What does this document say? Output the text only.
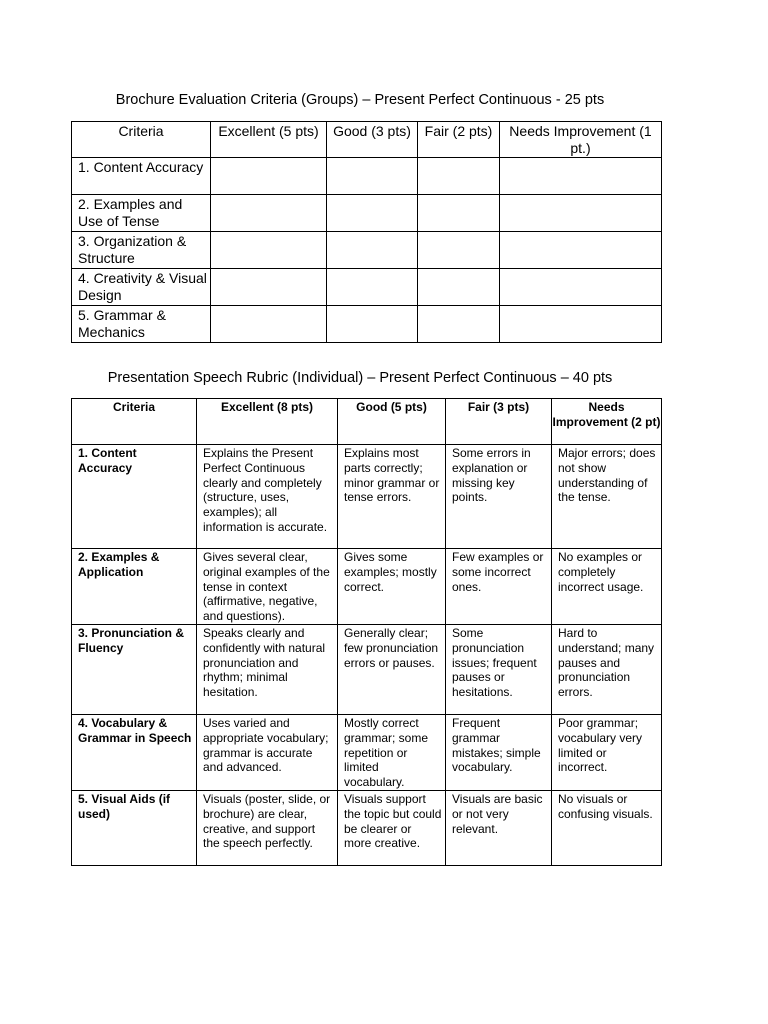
Brochure Evaluation Criteria (Groups) – Present Perfect Continuous - 25 pts
Criteria	Excellent (5 pts)	Good (3 pts)	Fair (2 pts)	Needs Improvement (1 pt.)
1. Content Accuracy				
2. Examples and Use of Tense				
3. Organization & Structure				
4. Creativity & Visual Design				
5. Grammar & Mechanics				
Presentation Speech Rubric (Individual) – Present Perfect Continuous – 40 pts
Criteria	Excellent (8 pts)	Good (5 pts)	Fair (3 pts)	Needs Improvement (2 pt)
1. Content Accuracy	Explains the Present Perfect Continuous clearly and completely (structure, uses, examples); all information is accurate.	Explains most parts correctly; minor grammar or tense errors.	Some errors in explanation or missing key points.	Major errors; does not show understanding of the tense.
2. Examples & Application	Gives several clear, original examples of the tense in context (affirmative, negative, and questions).	Gives some examples; mostly correct.	Few examples or some incorrect ones.	No examples or completely incorrect usage.
3. Pronunciation & Fluency	Speaks clearly and confidently with natural pronunciation and rhythm; minimal hesitation.	Generally clear; few pronunciation errors or pauses.	Some pronunciation issues; frequent pauses or hesitations.	Hard to understand; many pauses and pronunciation errors.
4. Vocabulary & Grammar in Speech	Uses varied and appropriate vocabulary; grammar is accurate and advanced.	Mostly correct grammar; some repetition or limited vocabulary.	Frequent grammar mistakes; simple vocabulary.	Poor grammar; vocabulary very limited or incorrect.
5. Visual Aids (if used)	Visuals (poster, slide, or brochure) are clear, creative, and support the speech perfectly.	Visuals support the topic but could be clearer or more creative.	Visuals are basic or not very relevant.	No visuals or confusing visuals.
